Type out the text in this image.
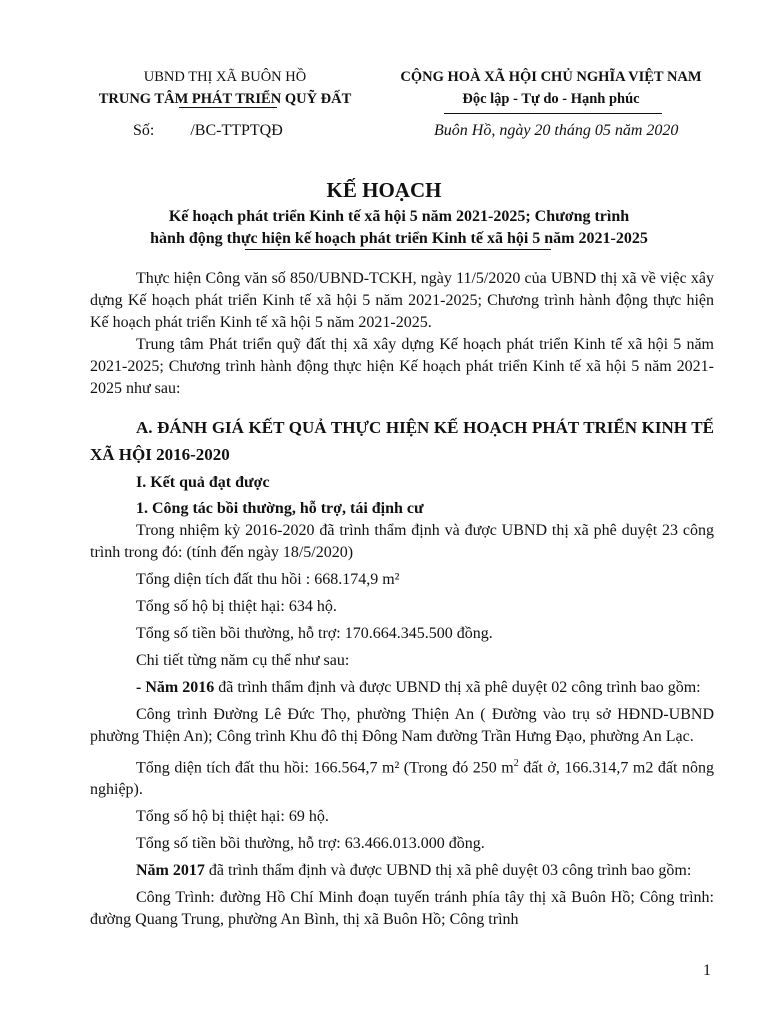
UBND THỊ XÃ BUÔN HỒ
TRUNG TÂM PHÁT TRIỂN QUỸ ĐẤT
CỘNG HOÀ XÃ HỘI CHỦ NGHĨA VIỆT NAM
Độc lập - Tự do - Hạnh phúc
Số: /BC-TTPTQĐ	Buôn Hồ, ngày 20 tháng 05 năm 2020
KẾ HOẠCH
Kế hoạch phát triển Kinh tế xã hội 5 năm 2021-2025; Chương trình
hành động thực hiện kế hoạch phát triển Kinh tế xã hội 5 năm 2021-2025

Thực hiện Công văn số 850/UBND-TCKH, ngày 11/5/2020 của UBND thị xã về việc xây dựng Kế hoạch phát triển Kinh tế xã hội 5 năm 2021-2025; Chương trình hành động thực hiện Kế hoạch phát triển Kinh tế xã hội 5 năm 2021-2025.

Trung tâm Phát triển quỹ đất thị xã xây dựng Kế hoạch phát triển Kinh tế xã hội 5 năm 2021-2025; Chương trình hành động thực hiện Kế hoạch phát triển Kinh tế xã hội 5 năm 2021-2025 như sau:

A. ĐÁNH GIÁ KẾT QUẢ THỰC HIỆN KẾ HOẠCH PHÁT TRIỂN KINH TẾ XÃ HỘI 2016-2020

I. Kết quả đạt được

1. Công tác bồi thường, hỗ trợ, tái định cư

Trong nhiệm kỳ 2016-2020 đã trình thẩm định và được UBND thị xã phê duyệt 23 công trình trong đó: (tính đến ngày 18/5/2020)

Tổng diện tích đất thu hồi : 668.174,9 m²

Tổng số hộ bị thiệt hại: 634 hộ.

Tổng số tiền bồi thường, hỗ trợ: 170.664.345.500 đồng.

Chi tiết từng năm cụ thể như sau:

- Năm 2016 đã trình thẩm định và được UBND thị xã phê duyệt 02 công trình bao gồm:

Công trình Đường Lê Đức Thọ, phường Thiện An ( Đường vào trụ sở HĐND-UBND phường Thiện An); Công trình Khu đô thị Đông Nam đường Trần Hưng Đạo, phường An Lạc.

Tổng diện tích đất thu hồi: 166.564,7 m² (Trong đó 250 $m^2$ đất ở, 166.314,7 m2 đất nông nghiệp).

Tổng số hộ bị thiệt hại: 69 hộ.

Tổng số tiền bồi thường, hỗ trợ: 63.466.013.000 đồng.

Năm 2017 đã trình thẩm định và được UBND thị xã phê duyệt 03 công trình bao gồm:

Công Trình: đường Hồ Chí Minh đoạn tuyến tránh phía tây thị xã Buôn Hồ; Công trình: đường Quang Trung, phường An Bình, thị xã Buôn Hồ; Công trình

1
